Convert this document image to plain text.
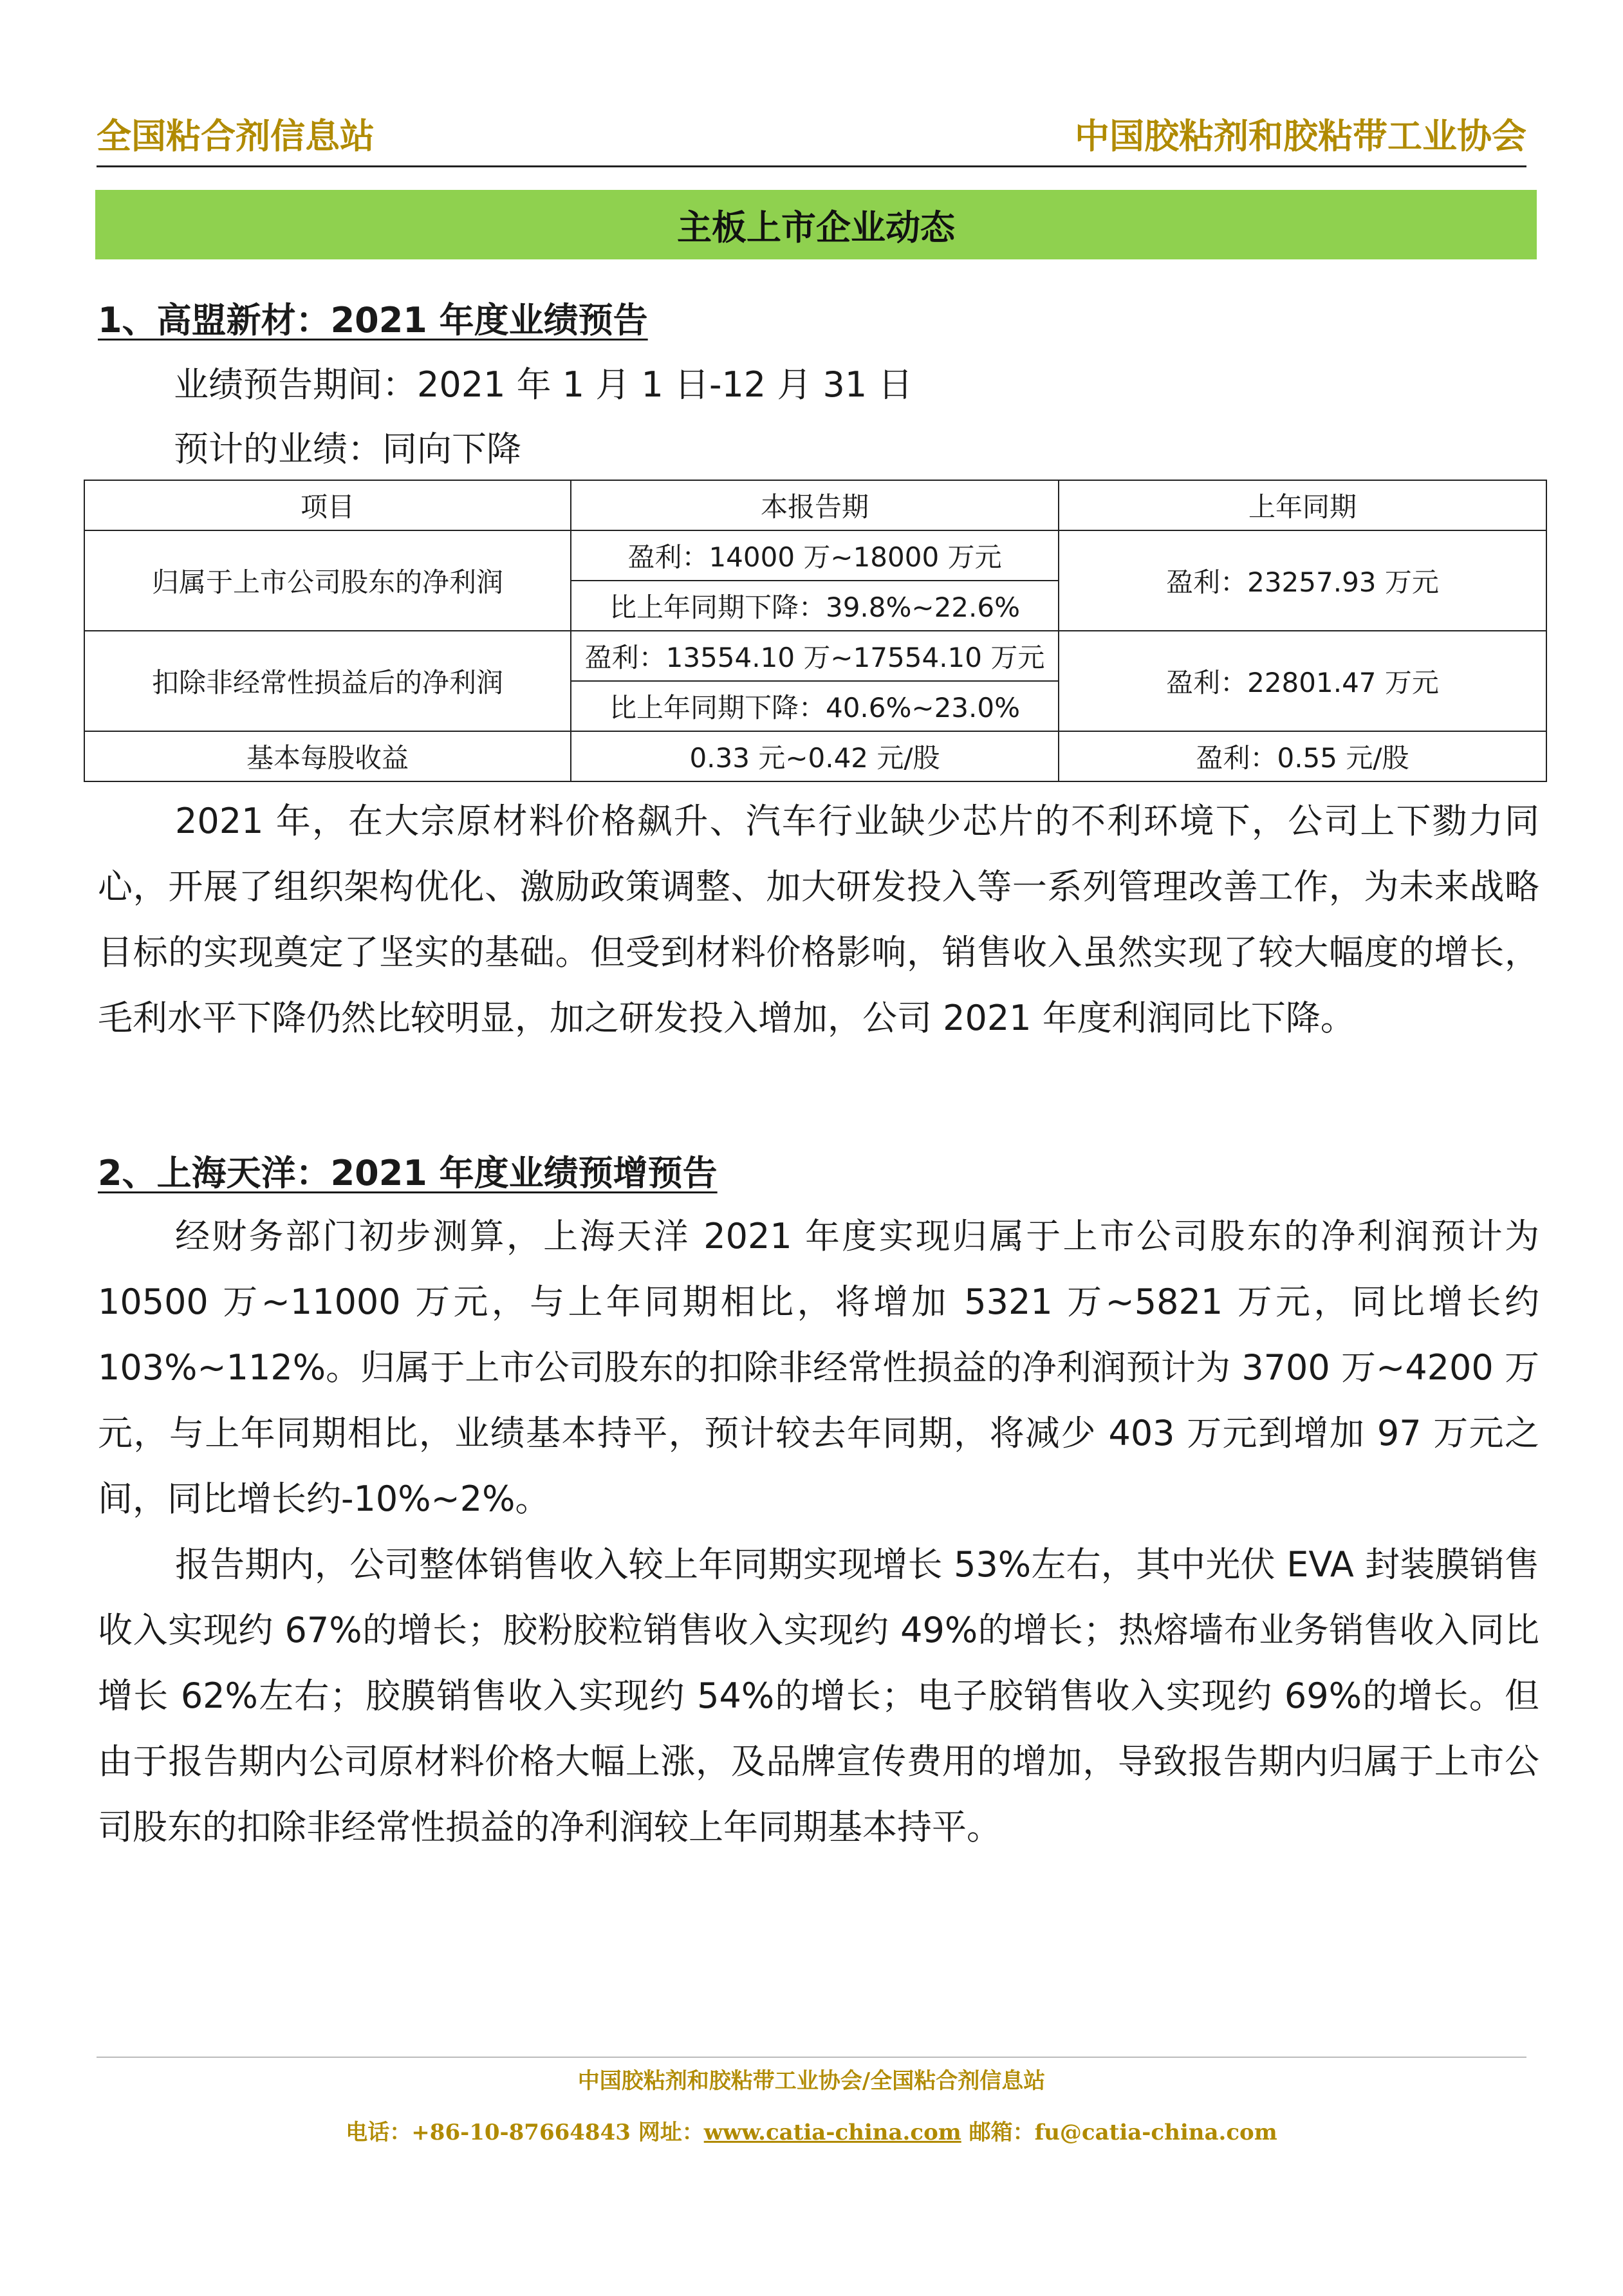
全国粘合剂信息站	中国胶粘剂和胶粘带工业协会
主板上市企业动态
1、高盟新材：2021 年度业绩预告
业绩预告期间：2021 年 1 月 1 日-12 月 31 日
预计的业绩：同向下降
项目	本报告期	上年同期
归属于上市公司股东的净利润	盈利：14000 万~18000 万元	盈利：23257.93 万元
	比上年同期下降：39.8%~22.6%	
扣除非经常性损益后的净利润	盈利：13554.10 万~17554.10 万元	盈利：22801.47 万元
	比上年同期下降：40.6%~23.0%	
基本每股收益	0.33 元~0.42 元/股	盈利：0.55 元/股

2021 年，在大宗原材料价格飙升、汽车行业缺少芯片的不利环境下，公司上下勠力同心，开展了组织架构优化、激励政策调整、加大研发投入等一系列管理改善工作，为未来战略目标的实现奠定了坚实的基础。但受到材料价格影响，销售收入虽然实现了较大幅度的增长，毛利水平下降仍然比较明显，加之研发投入增加，公司 2021 年度利润同比下降。

2、上海天洋：2021 年度业绩预增预告

经财务部门初步测算，上海天洋 2021 年度实现归属于上市公司股东的净利润预计为 10500 万~11000 万元，与上年同期相比，将增加 5321 万~5821 万元，同比增长约 103%~112%。归属于上市公司股东的扣除非经常性损益的净利润预计为 3700 万~4200 万元，与上年同期相比，业绩基本持平，预计较去年同期，将减少 403 万元到增加 97 万元之间，同比增长约-10%~2%。

报告期内，公司整体销售收入较上年同期实现增长 53%左右，其中光伏 EVA 封装膜销售收入实现约 67%的增长；胶粉胶粒销售收入实现约 49%的增长；热熔墙布业务销售收入同比增长 62%左右；胶膜销售收入实现约 54%的增长；电子胶销售收入实现约 69%的增长。但由于报告期内公司原材料价格大幅上涨，及品牌宣传费用的增加，导致报告期内归属于上市公司股东的扣除非经常性损益的净利润较上年同期基本持平。

中国胶粘剂和胶粘带工业协会/全国粘合剂信息站
电话：+86-10-87664843 网址：www.catia-china.com 邮箱：fu@catia-china.com
